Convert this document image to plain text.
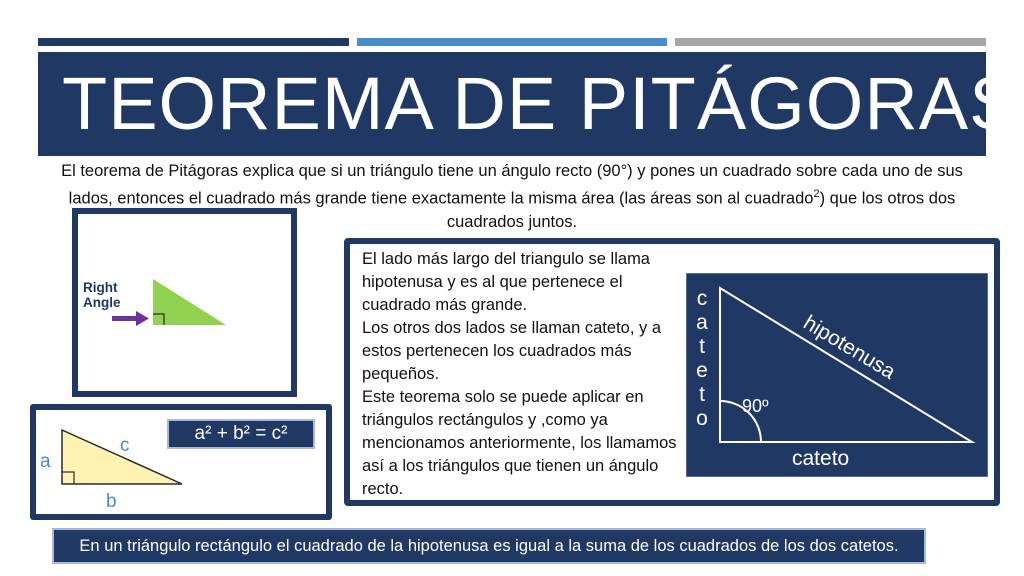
TEOREMA DE PITÁGORAS
El teorema de Pitágoras explica que si un triángulo tiene un ángulo recto (90°) y pones un cuadrado sobre cada uno de sus lados, entonces el cuadrado más grande tiene exactamente la misma área (las áreas son al cuadrado$^2$) que los otros dos cuadrados juntos.
Right
Angle
a
b
c
a² + b² = c²

El lado más largo del triangulo se llama hipotenusa y es al que pertenece el cuadrado más grande.

Los otros dos lados se llaman cateto, y a estos pertenecen los cuadrados más pequeños.

Este teorema solo se puede aplicar en triángulos rectángulos y ,como ya mencionamos anteriormente, los llamamos así a los triángulos que tienen un ángulo recto.

c
a
t
e
t
o
hipotenusa
90º
cateto
En un triángulo rectángulo el cuadrado de la hipotenusa es igual a la suma de los cuadrados de los dos catetos.
